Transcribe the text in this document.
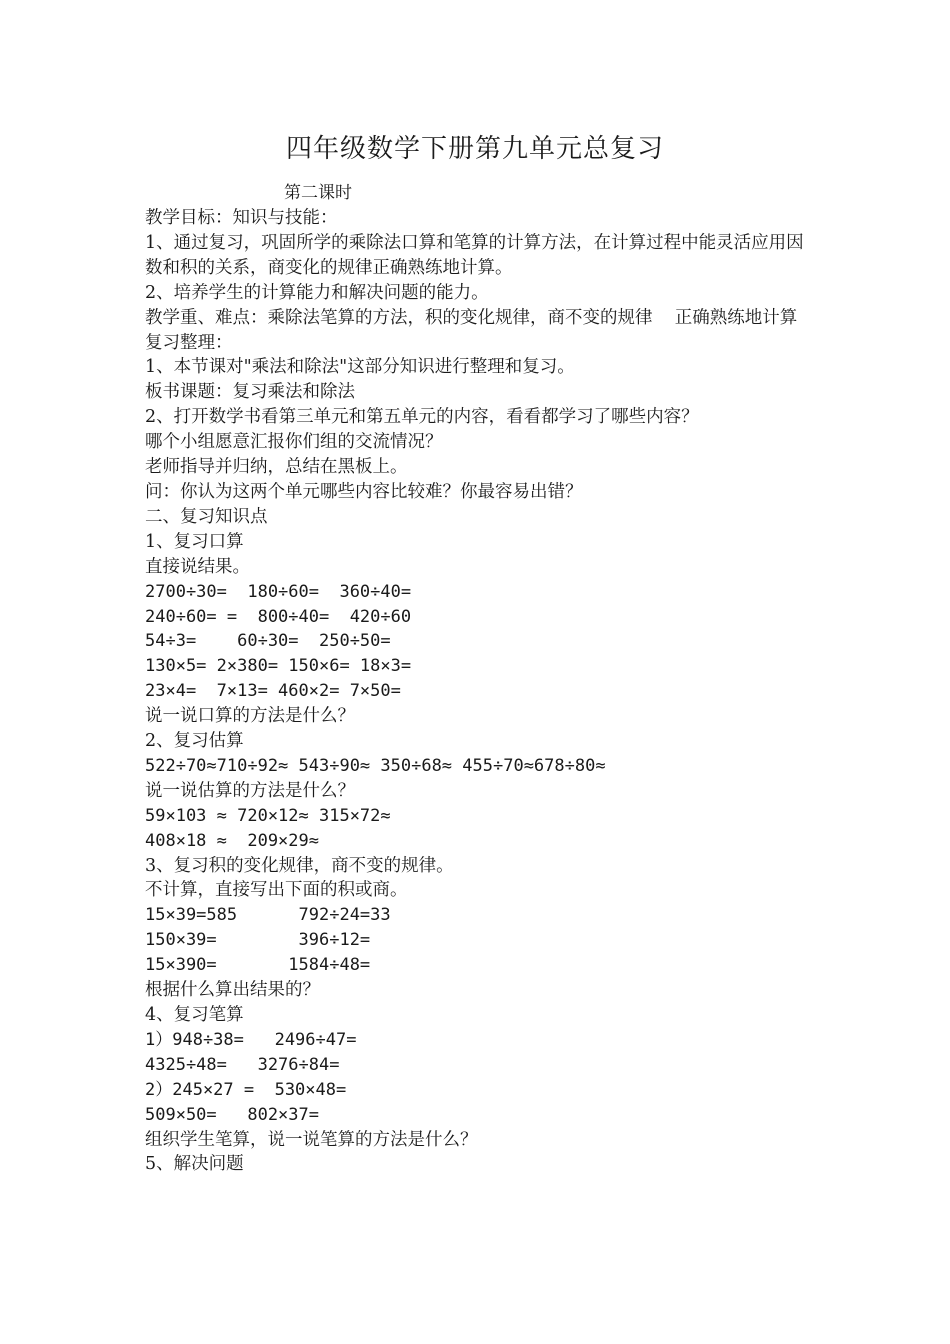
四年级数学下册第九单元总复习
第二课时

教学目标：知识与技能：

1、通过复习，巩固所学的乘除法口算和笔算的计算方法，在计算过程中能灵活应用因数和积的关系，商变化的规律正确熟练地计算。

2、培养学生的计算能力和解决问题的能力。

教学重、难点：乘除法笔算的方法，积的变化规律，商不变的规律    正确熟练地计算

复习整理：

1、本节课对"乘法和除法"这部分知识进行整理和复习。

板书课题：复习乘法和除法

2、打开数学书看第三单元和第五单元的内容，看看都学习了哪些内容？

哪个小组愿意汇报你们组的交流情况？

老师指导并归纳，总结在黑板上。

问：你认为这两个单元哪些内容比较难？你最容易出错？

二、复习知识点

1、复习口算

直接说结果。

2700÷30=  180÷60=  360÷40=

240÷60= =  800÷40=  420÷60

54÷3=    60÷30=  250÷50=

130×5= 2×380= 150×6= 18×3=

23×4=  7×13= 460×2= 7×50=

说一说口算的方法是什么？

2、复习估算

522÷70≈710÷92≈ 543÷90≈ 350÷68≈ 455÷70≈678÷80≈

说一说估算的方法是什么？

59×103 ≈ 720×12≈ 315×72≈

408×18 ≈  209×29≈

3、复习积的变化规律，商不变的规律。

不计算，直接写出下面的积或商。

15×39=585      792÷24=33

150×39=        396÷12=

15×390=       1584÷48=

根据什么算出结果的？

4、复习笔算

1）948÷38=   2496÷47=

4325÷48=   3276÷84=

2）245×27 =  530×48=

509×50=   802×37=

组织学生笔算，说一说笔算的方法是什么？

5、解决问题
